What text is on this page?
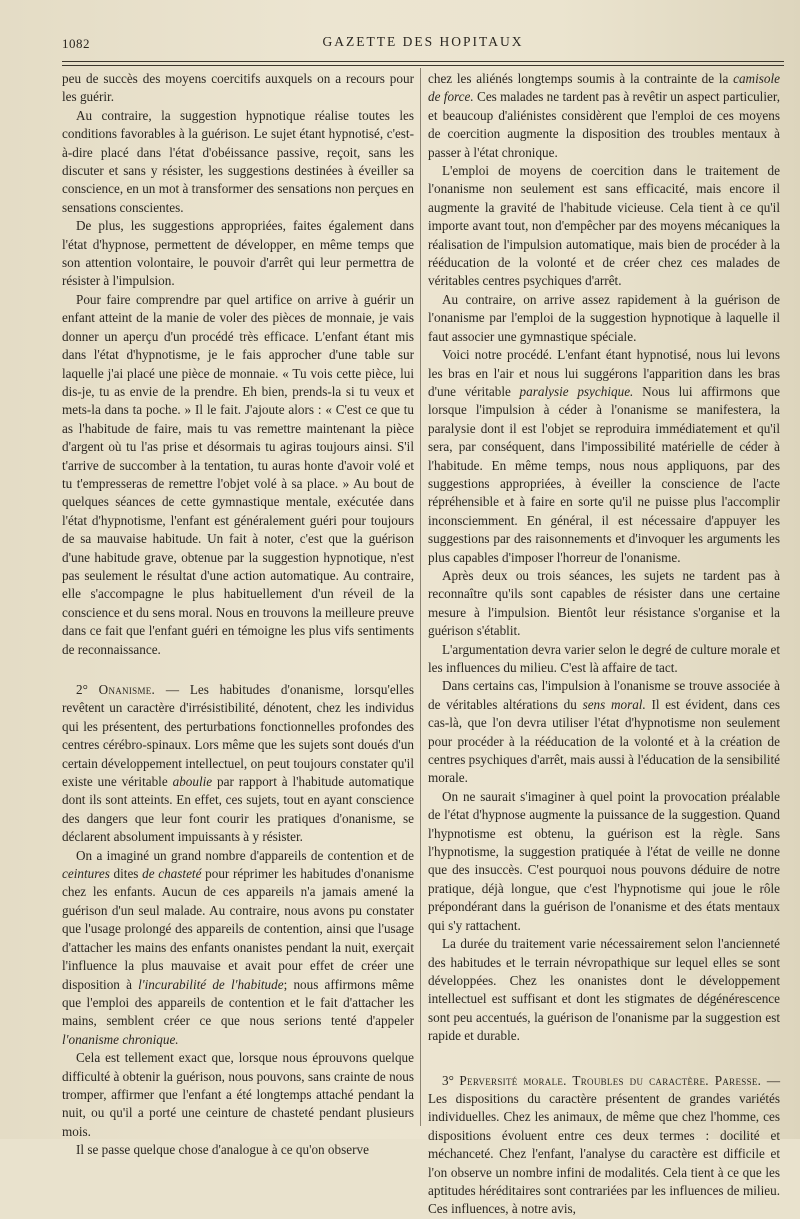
1082	GAZETTE DES HOPITAUX

peu de succès des moyens coercitifs auxquels on a recours pour les guérir.

Au contraire, la suggestion hypnotique réalise toutes les conditions favorables à la guérison. Le sujet étant hypnotisé, c'est-à-dire placé dans l'état d'obéissance passive, reçoit, sans les discuter et sans y résister, les suggestions destinées à éveiller sa conscience, en un mot à transformer des sensations non perçues en sensations conscientes.

De plus, les suggestions appropriées, faites également dans l'état d'hypnose, permettent de développer, en même temps que son attention volontaire, le pouvoir d'arrêt qui leur permettra de résister à l'impulsion.

Pour faire comprendre par quel artifice on arrive à guérir un enfant atteint de la manie de voler des pièces de monnaie, je vais donner un aperçu d'un procédé très efficace. L'enfant étant mis dans l'état d'hypnotisme, je le fais approcher d'une table sur laquelle j'ai placé une pièce de monnaie. « Tu vois cette pièce, lui dis-je, tu as envie de la prendre. Eh bien, prends-la si tu veux et mets-la dans ta poche. » Il le fait. J'ajoute alors : « C'est ce que tu as l'habitude de faire, mais tu vas remettre maintenant la pièce d'argent où tu l'as prise et désormais tu agiras toujours ainsi. S'il t'arrive de succomber à la tentation, tu auras honte d'avoir volé et tu t'empresseras de remettre l'objet volé à sa place. » Au bout de quelques séances de cette gymnastique mentale, exécutée dans l'état d'hypnotisme, l'enfant est généralement guéri pour toujours de sa mauvaise habitude. Un fait à noter, c'est que la guérison d'une habitude grave, obtenue par la suggestion hypnotique, n'est pas seulement le résultat d'une action automatique. Au contraire, elle s'accompagne le plus habituellement d'un réveil de la conscience et du sens moral. Nous en trouvons la meilleure preuve dans ce fait que l'enfant guéri en témoigne les plus vifs sentiments de reconnaissance.

2° Onanisme. — Les habitudes d'onanisme, lorsqu'elles revêtent un caractère d'irrésistibilité, dénotent, chez les individus qui les présentent, des perturbations fonctionnelles profondes des centres cérébro-spinaux. Lors même que les sujets sont doués d'un certain développement intellectuel, on peut toujours constater qu'il existe une véritable aboulie par rapport à l'habitude automatique dont ils sont atteints. En effet, ces sujets, tout en ayant conscience des dangers que leur font courir les pratiques d'onanisme, se déclarent absolument impuissants à y résister.

On a imaginé un grand nombre d'appareils de contention et de ceintures dites de chasteté pour réprimer les habitudes d'onanisme chez les enfants. Aucun de ces appareils n'a jamais amené la guérison d'un seul malade. Au contraire, nous avons pu constater que l'usage prolongé des appareils de contention, ainsi que l'usage d'attacher les mains des enfants onanistes pendant la nuit, exerçait l'influence la plus mauvaise et avait pour effet de créer une disposition à l'incurabilité de l'habitude; nous affirmons même que l'emploi des appareils de contention et le fait d'attacher les mains, semblent créer ce que nous serions tenté d'appeler l'onanisme chronique.

Cela est tellement exact que, lorsque nous éprouvons quelque difficulté à obtenir la guérison, nous pouvons, sans crainte de nous tromper, affirmer que l'enfant a été longtemps attaché pendant la nuit, ou qu'il a porté une ceinture de chasteté pendant plusieurs mois.

Il se passe quelque chose d'analogue à ce qu'on observe

chez les aliénés longtemps soumis à la contrainte de la camisole de force. Ces malades ne tardent pas à revêtir un aspect particulier, et beaucoup d'aliénistes considèrent que l'emploi de ces moyens de coercition augmente la disposition des troubles mentaux à passer à l'état chronique.

L'emploi de moyens de coercition dans le traitement de l'onanisme non seulement est sans efficacité, mais encore il augmente la gravité de l'habitude vicieuse. Cela tient à ce qu'il importe avant tout, non d'empêcher par des moyens mécaniques la réalisation de l'impulsion automatique, mais bien de procéder à la rééducation de la volonté et de créer chez ces malades de véritables centres psychiques d'arrêt.

Au contraire, on arrive assez rapidement à la guérison de l'onanisme par l'emploi de la suggestion hypnotique à laquelle il faut associer une gymnastique spéciale.

Voici notre procédé. L'enfant étant hypnotisé, nous lui levons les bras en l'air et nous lui suggérons l'apparition dans les bras d'une véritable paralysie psychique. Nous lui affirmons que lorsque l'impulsion à céder à l'onanisme se manifestera, la paralysie dont il est l'objet se reproduira immédiatement et qu'il sera, par conséquent, dans l'impossibilité matérielle de céder à l'habitude. En même temps, nous nous appliquons, par des suggestions appropriées, à éveiller la conscience de l'acte répréhensible et à faire en sorte qu'il ne puisse plus l'accomplir inconsciemment. En général, il est nécessaire d'appuyer les suggestions par des raisonnements et d'invoquer les arguments les plus capables d'imposer l'horreur de l'onanisme.

Après deux ou trois séances, les sujets ne tardent pas à reconnaître qu'ils sont capables de résister dans une certaine mesure à l'impulsion. Bientôt leur résistance s'organise et la guérison s'établit.

L'argumentation devra varier selon le degré de culture morale et les influences du milieu. C'est là affaire de tact.

Dans certains cas, l'impulsion à l'onanisme se trouve associée à de véritables altérations du sens moral. Il est évident, dans ces cas-là, que l'on devra utiliser l'état d'hypnotisme non seulement pour procéder à la rééducation de la volonté et à la création de centres psychiques d'arrêt, mais aussi à l'éducation de la sensibilité morale.

On ne saurait s'imaginer à quel point la provocation préalable de l'état d'hypnose augmente la puissance de la suggestion. Quand l'hypnotisme est obtenu, la guérison est la règle. Sans l'hypnotisme, la suggestion pratiquée à l'état de veille ne donne que des insuccès. C'est pourquoi nous pouvons déduire de notre pratique, déjà longue, que c'est l'hypnotisme qui joue le rôle prépondérant dans la guérison de l'onanisme et des états mentaux qui s'y rattachent.

La durée du traitement varie nécessairement selon l'ancienneté des habitudes et le terrain névropathique sur lequel elles se sont développées. Chez les onanistes dont le développement intellectuel est suffisant et dont les stigmates de dégénérescence sont peu accentués, la guérison de l'onanisme par la suggestion est rapide et durable.

3° Perversité morale. Troubles du caractère. Paresse. — Les dispositions du caractère présentent de grandes variétés individuelles. Chez les animaux, de même que chez l'homme, ces dispositions évoluent entre ces deux termes : docilité et méchanceté. Chez l'enfant, l'analyse du caractère est difficile et l'on observe un nombre infini de modalités. Cela tient à ce que les aptitudes héréditaires sont contrariées par les influences de milieu. Ces influences, à notre avis,
